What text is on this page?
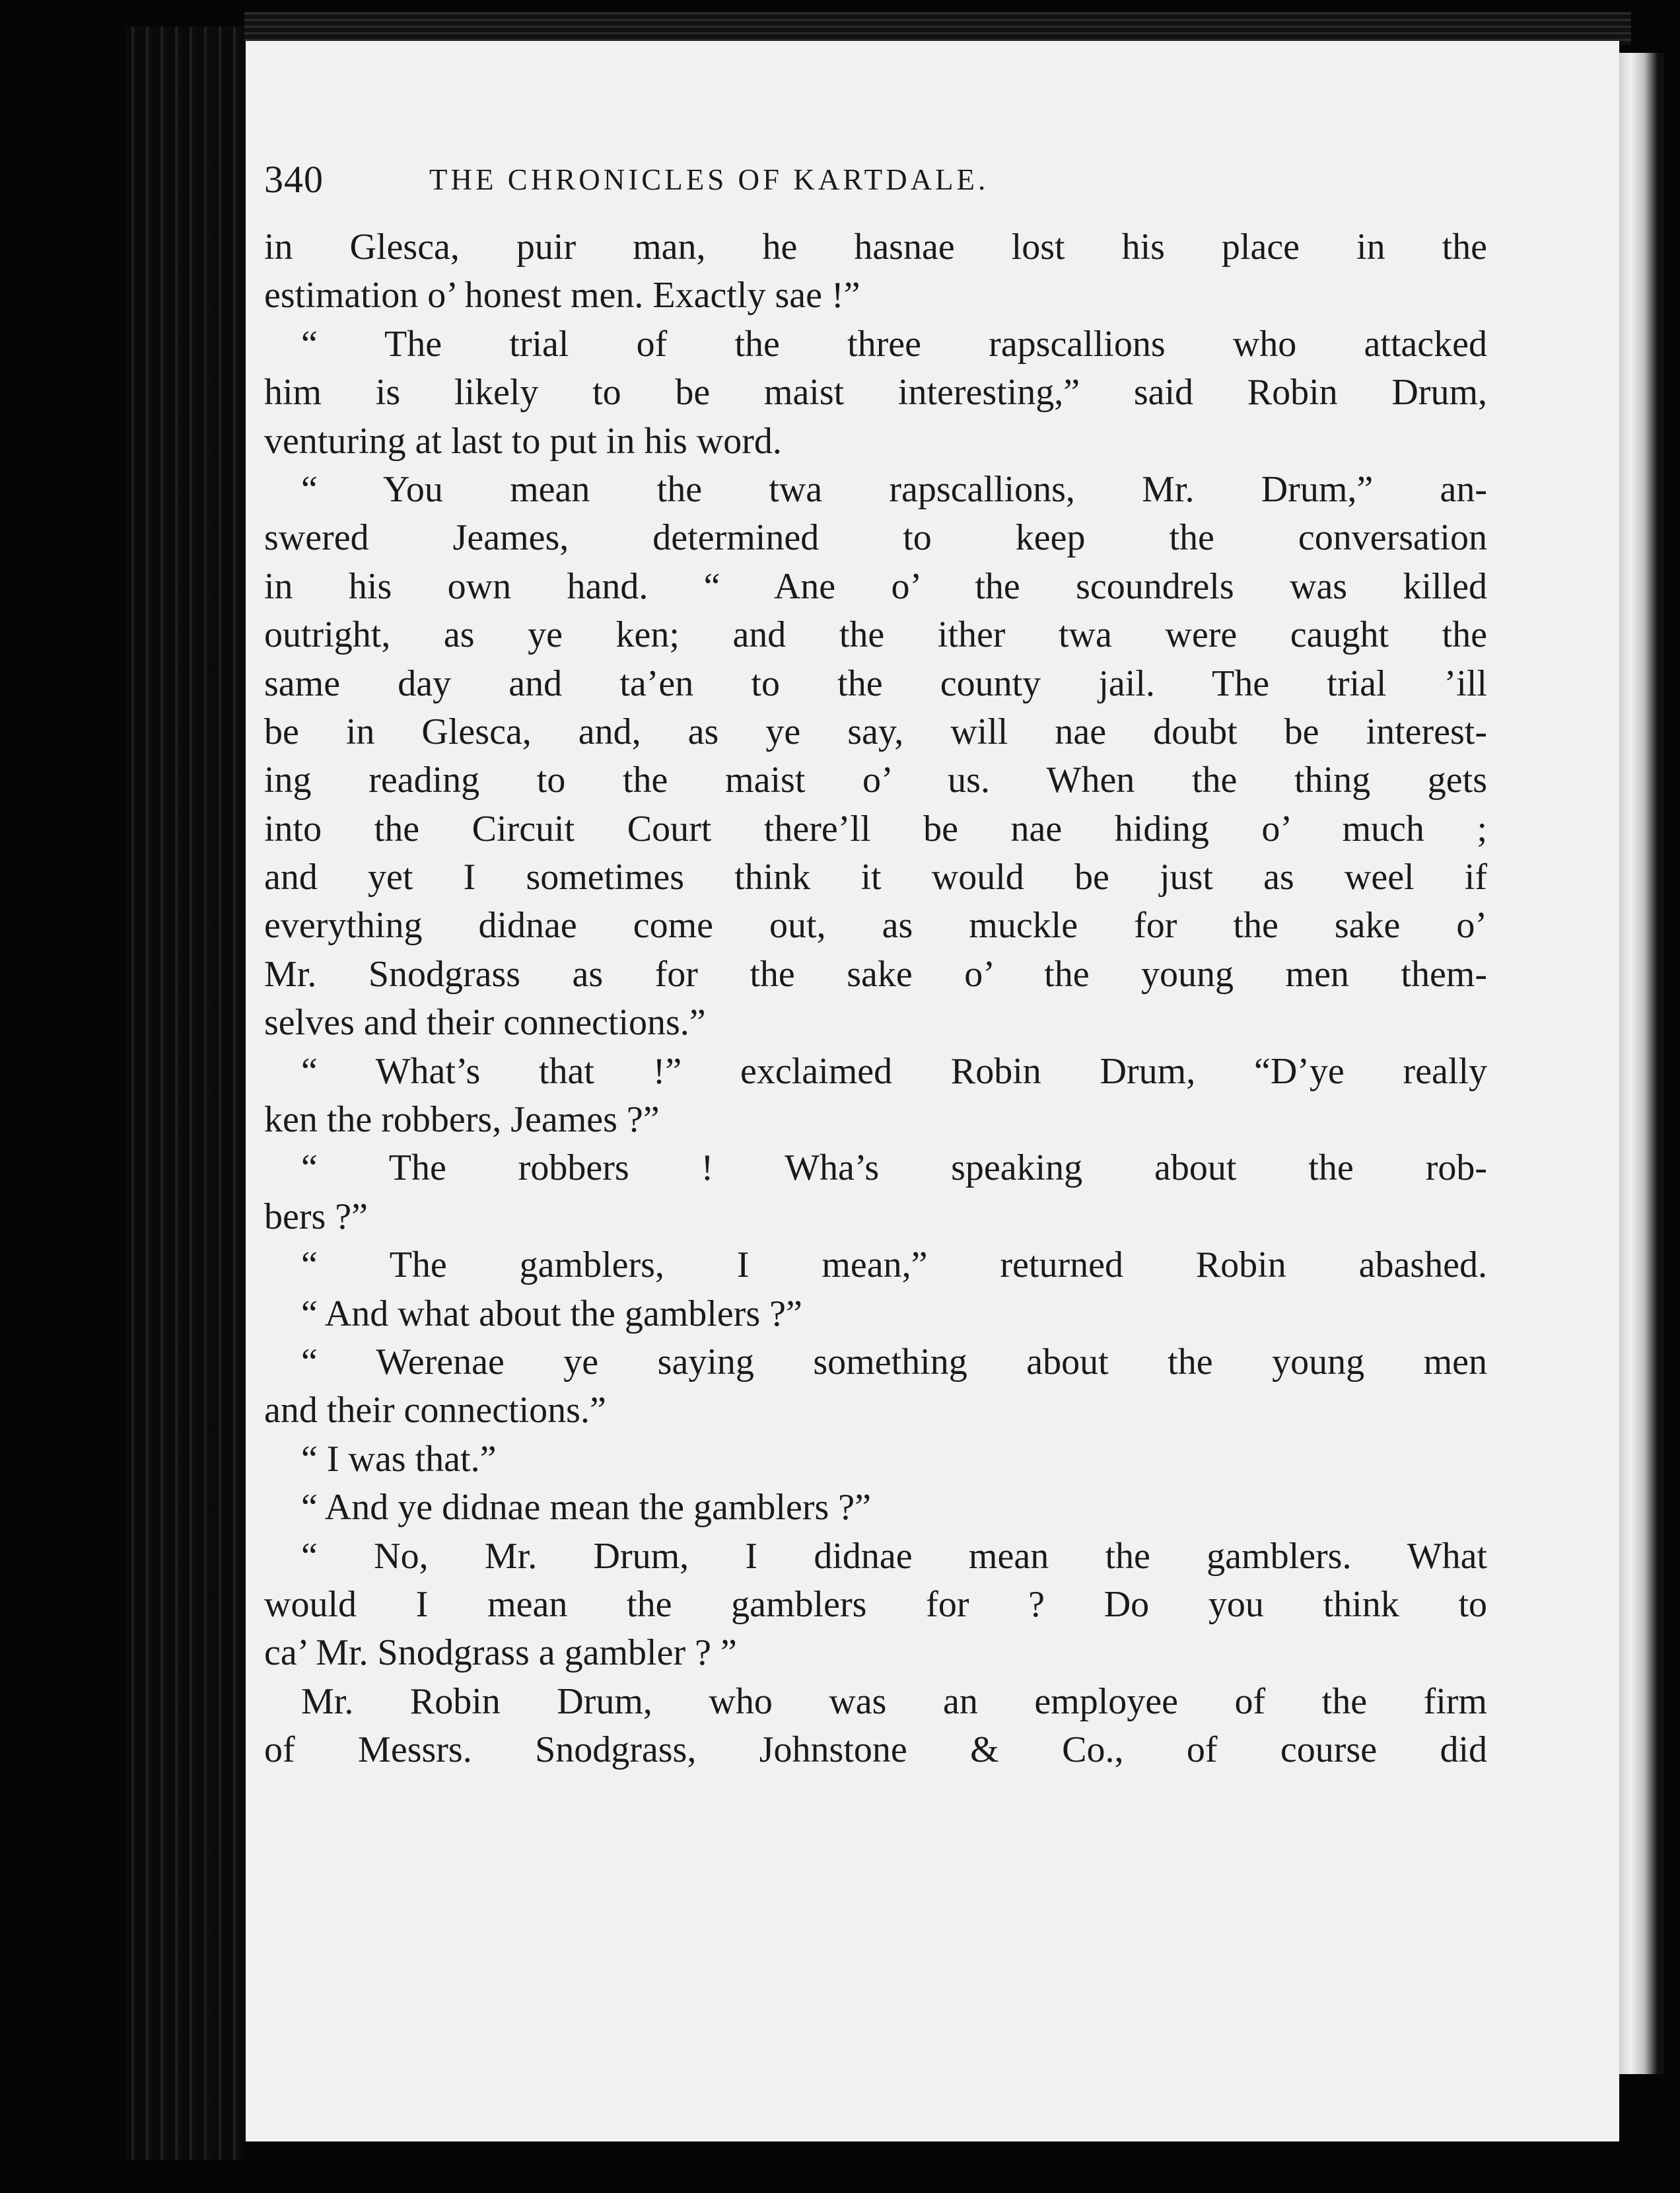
340	THE CHRONICLES OF KARTDALE.
in Glesca, puir man, he hasnae lost his place in the
estimation o’ honest men. Exactly sae !”
“ The trial of the three rapscallions who attacked
him is likely to be maist interesting,” said Robin Drum,
venturing at last to put in his word.
“ You mean the twa rapscallions, Mr. Drum,” an-
swered Jeames, determined to keep the conversation
in his own hand. “ Ane o’ the scoundrels was killed
outright, as ye ken; and the ither twa were caught the
same day and ta’en to the county jail. The trial ’ill
be in Glesca, and, as ye say, will nae doubt be interest-
ing reading to the maist o’ us. When the thing gets
into the Circuit Court there’ll be nae hiding o’ much ;
and yet I sometimes think it would be just as weel if
everything didnae come out, as muckle for the sake o’
Mr. Snodgrass as for the sake o’ the young men them-
selves and their connections.”
“ What’s that !” exclaimed Robin Drum, “D’ye really
ken the robbers, Jeames ?”
“ The robbers ! Wha’s speaking about the rob-
bers ?”
“ The gamblers, I mean,” returned Robin abashed.
“ And what about the gamblers ?”
“ Werenae ye saying something about the young men
and their connections.”
“ I was that.”
“ And ye didnae mean the gamblers ?”
“ No, Mr. Drum, I didnae mean the gamblers. What
would I mean the gamblers for ? Do you think to
ca’ Mr. Snodgrass a gambler ? ”
Mr. Robin Drum, who was an employee of the firm
of Messrs. Snodgrass, Johnstone & Co., of course did
